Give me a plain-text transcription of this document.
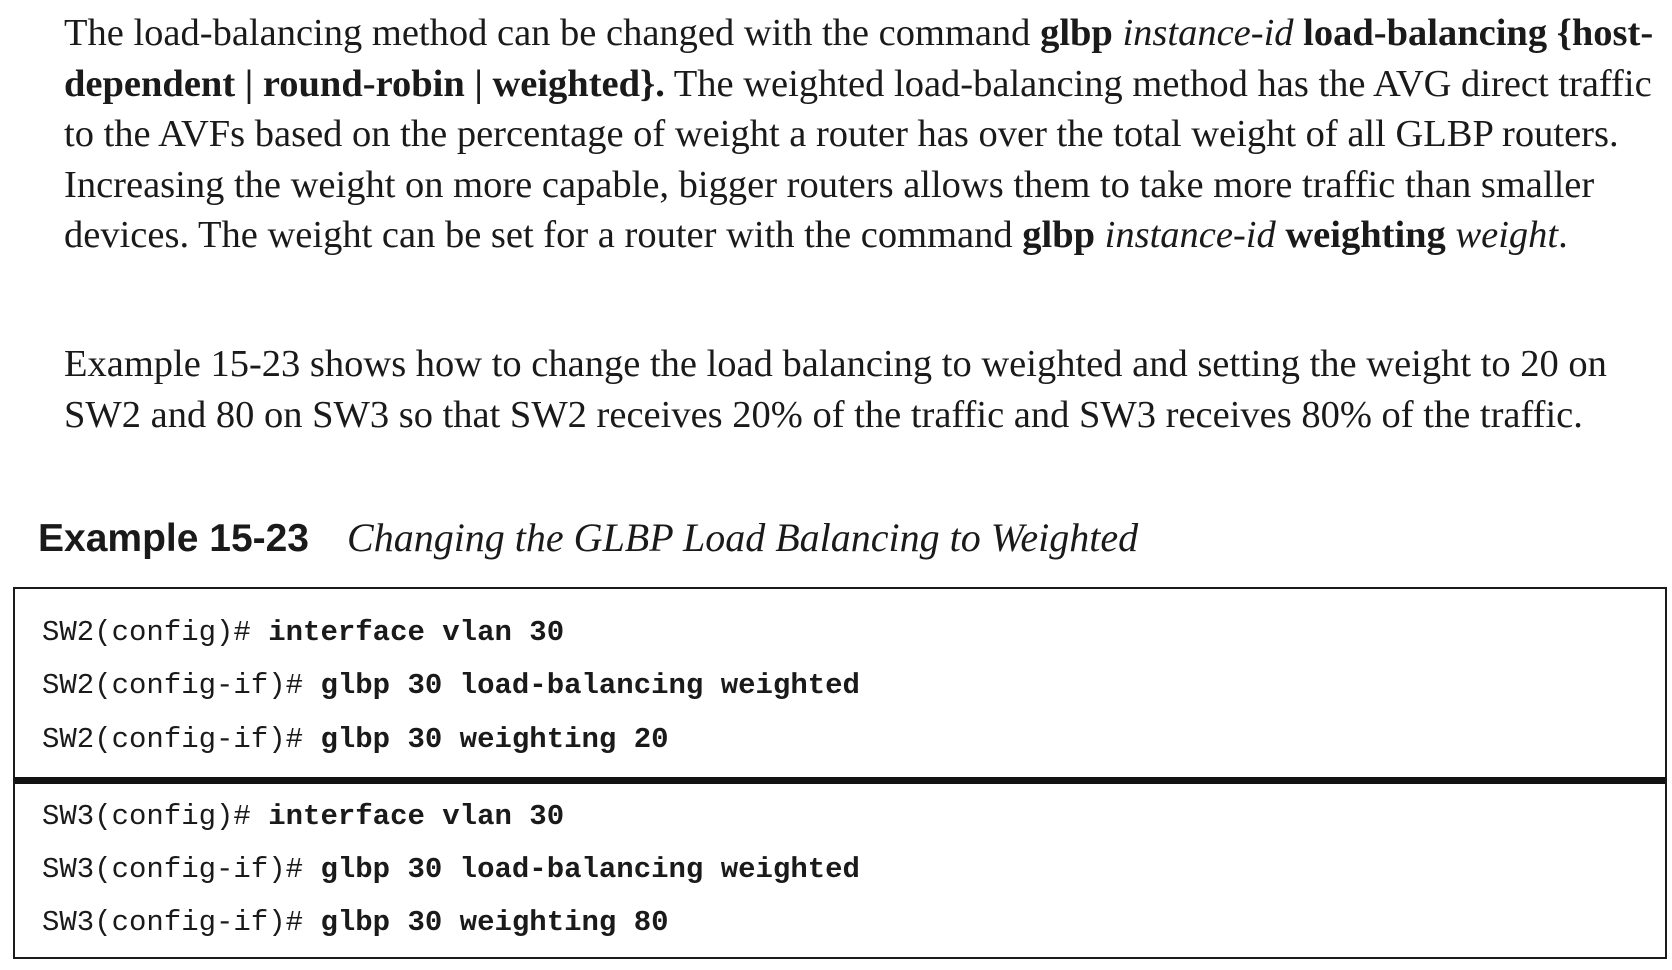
The load-balancing method can be changed with the command glbp instance-id load-balancing {host-dependent | round-robin | weighted}. The weighted load-balancing method has the AVG direct traffic to the AVFs based on the percentage of weight a router has over the total weight of all GLBP routers. Increasing the weight on more capable, bigger routers allows them to take more traffic than smaller devices. The weight can be set for a router with the command glbp instance-id weighting weight.

Example 15-23 shows how to change the load balancing to weighted and setting the weight to 20 on SW2 and 80 on SW3 so that SW2 receives 20% of the traffic and SW3 receives 80% of the traffic.

Example 15-23 Changing the GLBP Load Balancing to Weighted
SW2(config)# interface vlan 30
SW2(config-if)# glbp 30 load-balancing weighted
SW2(config-if)# glbp 30 weighting 20
SW3(config)# interface vlan 30
SW3(config-if)# glbp 30 load-balancing weighted
SW3(config-if)# glbp 30 weighting 80
